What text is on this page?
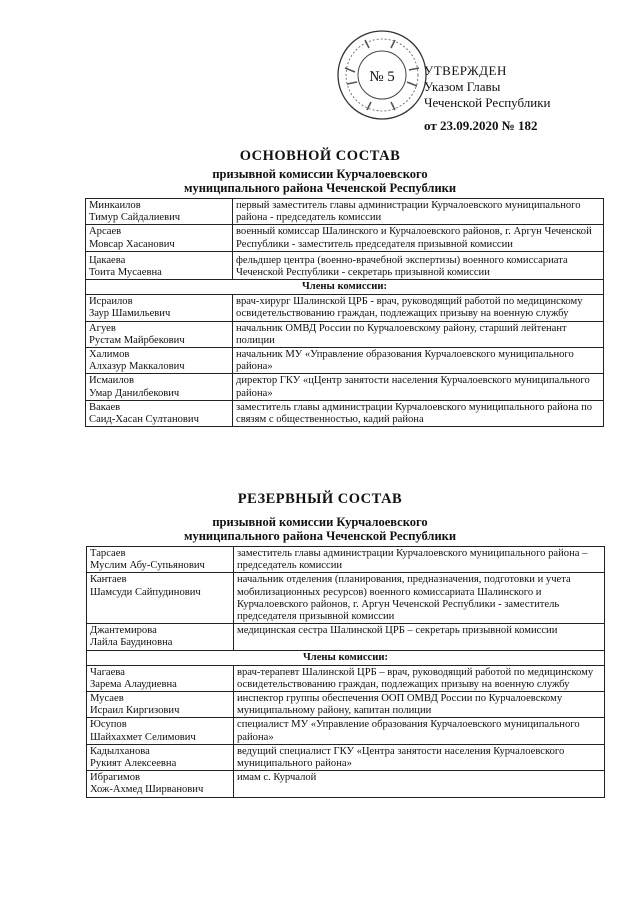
№ 5 УТВЕРЖДЕН
Указом Главы
Чеченской Республики
от 23.09.2020 № 182
ОСНОВНОЙ СОСТАВ
призывной комиссии Курчалоевского
муниципального района Чеченской Республики
Минкаилов
Тимур Сайдалиевич	первый заместитель главы администрации Курчалоевского муниципального района - председатель комиссии
Арсаев
Мовсар Хасанович	военный комиссар Шалинского и Курчалоевского районов, г. Аргун Чеченской Республики - заместитель председателя призывной комиссии
Цакаева
Тоита Мусаевна	фельдшер центра (военно-врачебной экспертизы) военного комиссариата Чеченской Республики - секретарь призывной комиссии
Члены комиссии:	
Исраилов
Заур Шамильевич	врач-хирург Шалинской ЦРБ - врач, руководящий работой по медицинскому освидетельствованию граждан, подлежащих призыву на военную службу
Агуев
Рустам Майрбекович	начальник ОМВД России по Курчалоевскому району, старший лейтенант полиции
Халимов
Алхазур Маккалович	начальник МУ «Управление образования Курчалоевского муниципального района»
Исмаилов
Умар Данилбекович	директор ГКУ «цЦентр занятости населения Курчалоевского муниципального района»
Вакаев
Саид-Хасан Султанович	заместитель главы администрации Курчалоевского муниципального района по связям с общественностью, кадий района
РЕЗЕРВНЫЙ СОСТАВ
призывной комиссии Курчалоевского
муниципального района Чеченской Республики
Тарсаев
Муслим Абу-Супьянович	заместитель главы администрации Курчалоевского муниципального района – председатель комиссии
Кантаев
Шамсуди Сайпудинович	начальник отделения (планирования, предназначения, подготовки и учета мобилизационных ресурсов) военного комиссариата Шалинского и Курчалоевского районов, г. Аргун Чеченской Республики - заместитель председателя призывной комиссии
Джантемирова
Лайла Баудиновна	медицинская сестра Шалинской ЦРБ – секретарь призывной комиссии
Члены комиссии:	
Чагаева
Зарема Алаудиевна	врач-терапевт Шалинской ЦРБ – врач, руководящий работой по медицинскому освидетельствованию граждан, подлежащих призыву на военную службу
Мусаев
Исраил Киргизович	инспектор группы обеспечения ООП ОМВД России по Курчалоевскому муниципальному району, капитан полиции
Юсупов
Шайхахмет Селимович	специалист МУ «Управление образования Курчалоевского муниципального района»
Кадылханова
Рукият Алексеевна	ведущий специалист ГКУ «Центра занятости населения Курчалоевского муниципального района»
Ибрагимов
Хож-Ахмед Ширванович	имам с. Курчалой
